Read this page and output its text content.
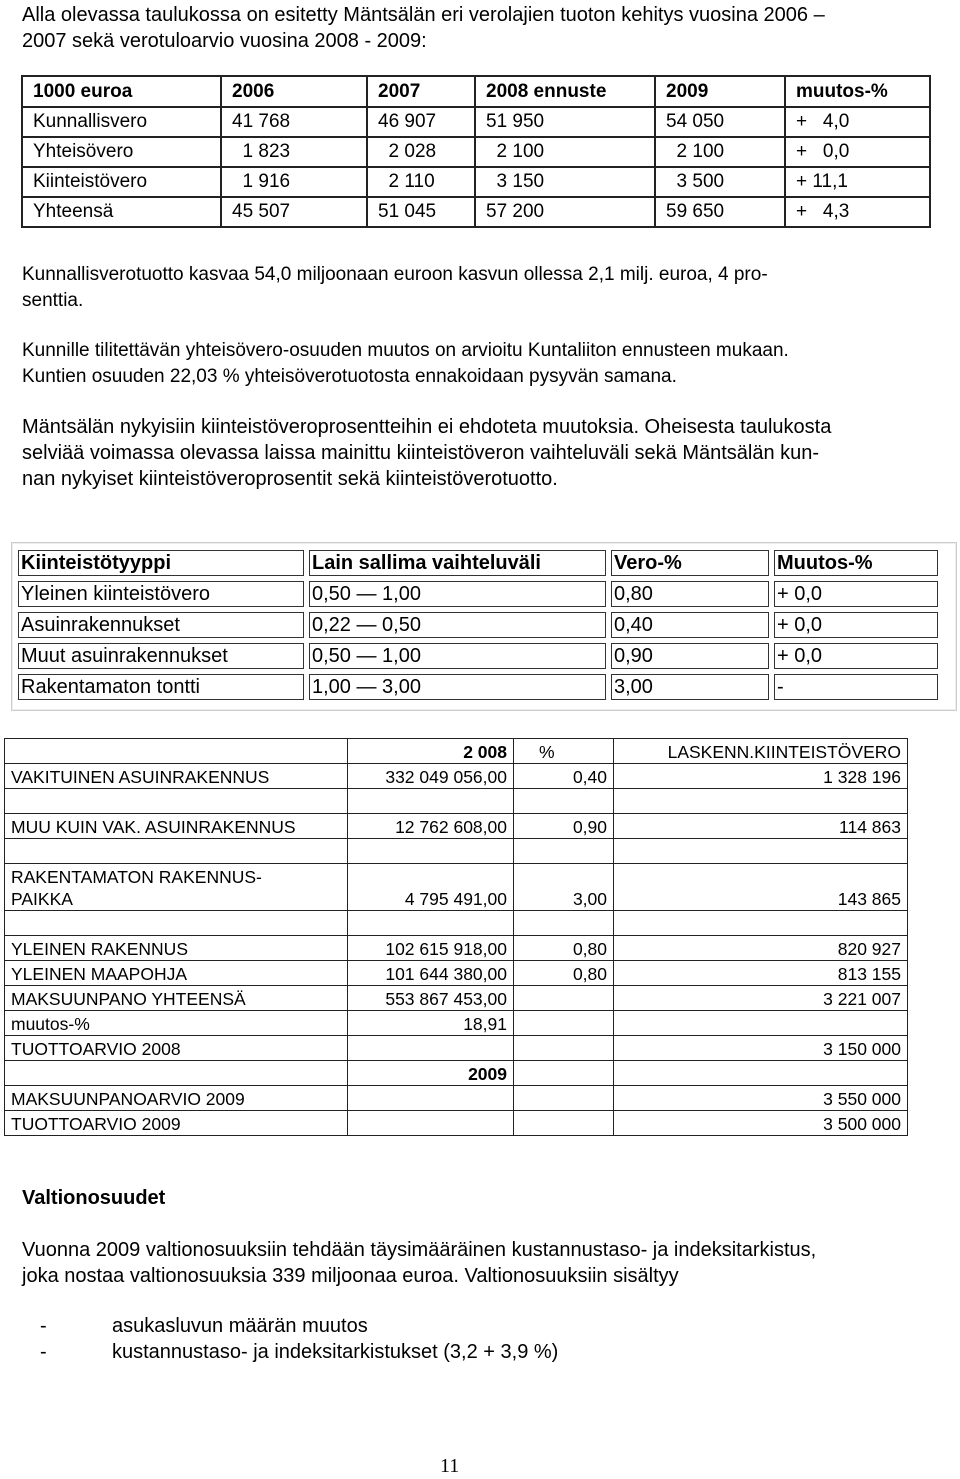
Alla olevassa taulukossa on esitetty Mäntsälän eri verolajien tuoton kehitys vuosina 2006 –
2007 sekä verotuloarvio vuosina 2008 - 2009:
1000 euroa	2006	2007	2008 ennuste	2009	muutos-%
Kunnallisvero	41 768	46 907	51 950	54 050	+   4,0
Yhteisövero	1 823	2 028	2 100	2 100	+   0,0
Kiinteistövero	1 916	2 110	3 150	3 500	+ 11,1
Yhteensä	45 507	51 045	57 200	59 650	+   4,3
Kunnallisverotuotto kasvaa 54,0 miljoonaan euroon kasvun ollessa 2,1 milj. euroa, 4 pro-
senttia.
Kunnille tilitettävän yhteisövero-osuuden muutos on arvioitu Kuntaliiton ennusteen mukaan.
Kuntien osuuden 22,03 % yhteisöverotuotosta ennakoidaan pysyvän samana.
Mäntsälän nykyisiin kiinteistöveroprosentteihin ei ehdoteta muutoksia. Oheisesta taulukosta
selviää voimassa olevassa laissa mainittu kiinteistöveron vaihteluväli sekä Mäntsälän kun-
nan nykyiset kiinteistöveroprosentit sekä kiinteistöverotuotto.
Kiinteistötyyppi	Lain sallima vaihteluväli	Vero-%	Muutos-%
Yleinen kiinteistövero	0,50 — 1,00	0,80	+ 0,0
Asuinrakennukset	0,22 — 0,50	0,40	+ 0,0
Muut asuinrakennukset	0,50 — 1,00	0,90	+ 0,0
Rakentamaton tontti	1,00 — 3,00	3,00	-
	2 008	%	LASKENN.KIINTEISTÖVERO
VAKITUINEN ASUINRAKENNUS	332 049 056,00	0,40	1 328 196

MUU KUIN VAK. ASUINRAKENNUS	12 762 608,00	0,90	114 863

RAKENTAMATON RAKENNUS-
PAIKKA	4 795 491,00	3,00	143 865

YLEINEN RAKENNUS	102 615 918,00	0,80	820 927
YLEINEN MAAPOHJA	101 644 380,00	0,80	813 155
MAKSUUNPANO YHTEENSÄ	553 867 453,00		3 221 007
muutos-%	18,91		
TUOTTOARVIO 2008			3 150 000
	2009		
MAKSUUNPANOARVIO 2009			3 550 000
TUOTTOARVIO 2009			3 500 000
Valtionosuudet
Vuonna 2009 valtionosuuksiin tehdään täysimääräinen kustannustaso- ja indeksitarkistus,
joka nostaa valtionosuuksia 339 miljoonaa euroa. Valtionosuuksiin sisältyy
-	asukasluvun määrän muutos
-	kustannustaso- ja indeksitarkistukset (3,2 + 3,9 %)
11
